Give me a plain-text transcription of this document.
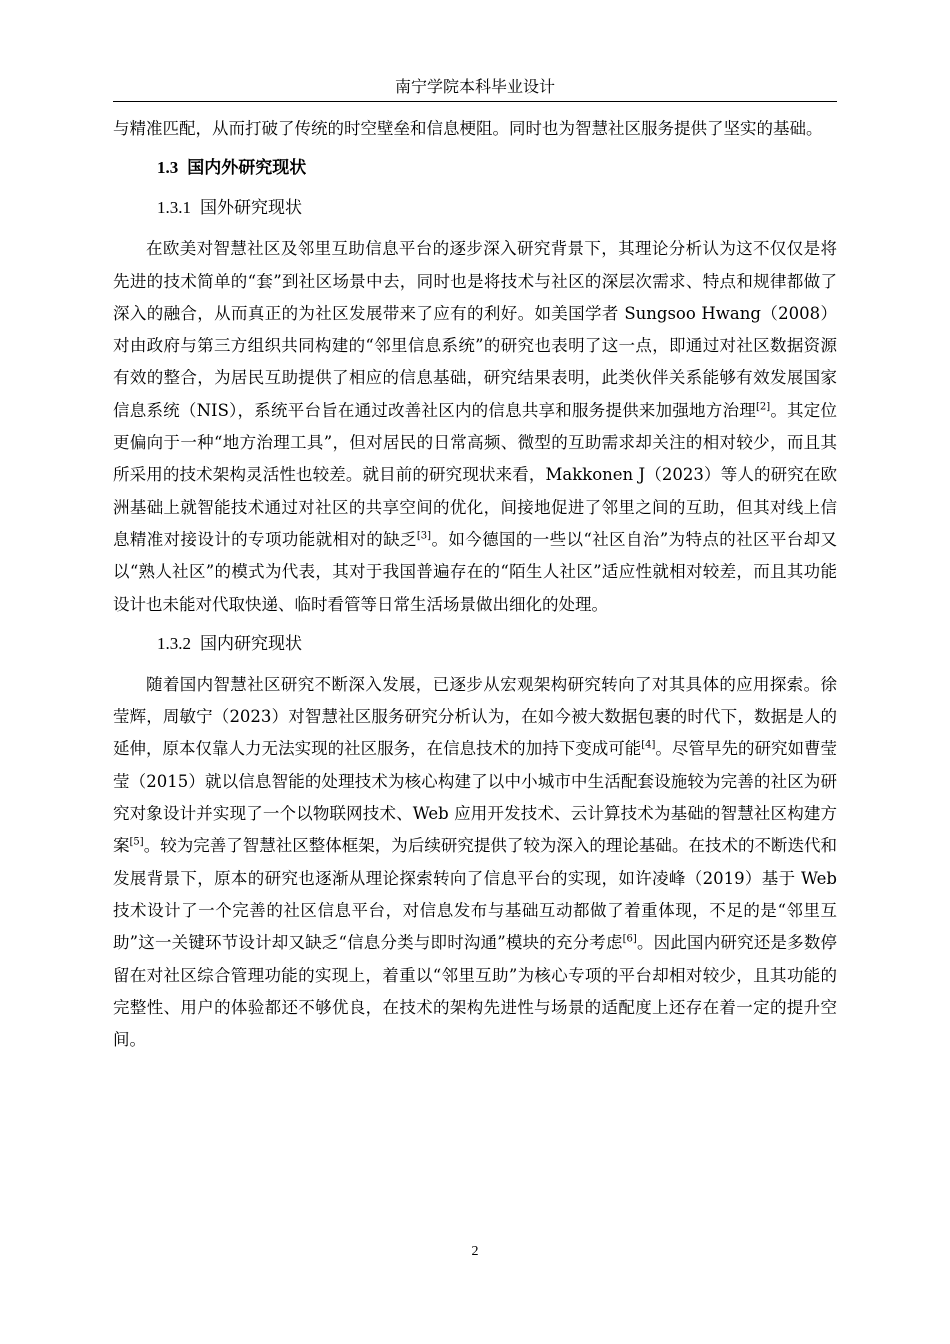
南宁学院本科毕业设计

与精准匹配，从而打破了传统的时空壁垒和信息梗阻。同时也为智慧社区服务提供了坚实的基础。

1.3 国内外研究现状
1.3.1 国外研究现状

在欧美对智慧社区及邻里互助信息平台的逐步深入研究背景下，其理论分析认为这不仅仅是将先进的技术简单的“套”到社区场景中去，同时也是将技术与社区的深层次需求、特点和规律都做了深入的融合，从而真正的为社区发展带来了应有的利好。如美国学者 Sungsoo Hwang（2008）对由政府与第三方组织共同构建的“邻里信息系统”的研究也表明了这一点，即通过对社区数据资源有效的整合，为居民互助提供了相应的信息基础，研究结果表明，此类伙伴关系能够有效发展国家信息系统（NIS），系统平台旨在通过改善社区内的信息共享和服务提供来加强地方治理[2]。其定位更偏向于一种“地方治理工具”，但对居民的日常高频、微型的互助需求却关注的相对较少，而且其所采用的技术架构灵活性也较差。就目前的研究现状来看，Makkonen J（2023）等人的研究在欧洲基础上就智能技术通过对社区的共享空间的优化，间接地促进了邻里之间的互助，但其对线上信息精准对接设计的专项功能就相对的缺乏[3]。如今德国的一些以“社区自治”为特点的社区平台却又以“熟人社区”的模式为代表，其对于我国普遍存在的“陌生人社区”适应性就相对较差，而且其功能设计也未能对代取快递、临时看管等日常生活场景做出细化的处理。

1.3.2 国内研究现状

随着国内智慧社区研究不断深入发展，已逐步从宏观架构研究转向了对其具体的应用探索。徐莹辉，周敏宁（2023）对智慧社区服务研究分析认为，在如今被大数据包裹的时代下，数据是人的延伸，原本仅靠人力无法实现的社区服务，在信息技术的加持下变成可能[4]。尽管早先的研究如曹莹莹（2015）就以信息智能的处理技术为核心构建了以中小城市中生活配套设施较为完善的社区为研究对象设计并实现了一个以物联网技术、Web 应用开发技术、云计算技术为基础的智慧社区构建方案[5]。较为完善了智慧社区整体框架，为后续研究提供了较为深入的理论基础。在技术的不断迭代和发展背景下，原本的研究也逐渐从理论探索转向了信息平台的实现，如许凌峰（2019）基于 Web 技术设计了一个完善的社区信息平台，对信息发布与基础互动都做了着重体现，不足的是“邻里互助”这一关键环节设计却又缺乏“信息分类与即时沟通”模块的充分考虑[6]。因此国内研究还是多数停留在对社区综合管理功能的实现上，着重以“邻里互助”为核心专项的平台却相对较少，且其功能的完整性、用户的体验都还不够优良，在技术的架构先进性与场景的适配度上还存在着一定的提升空间。

2
